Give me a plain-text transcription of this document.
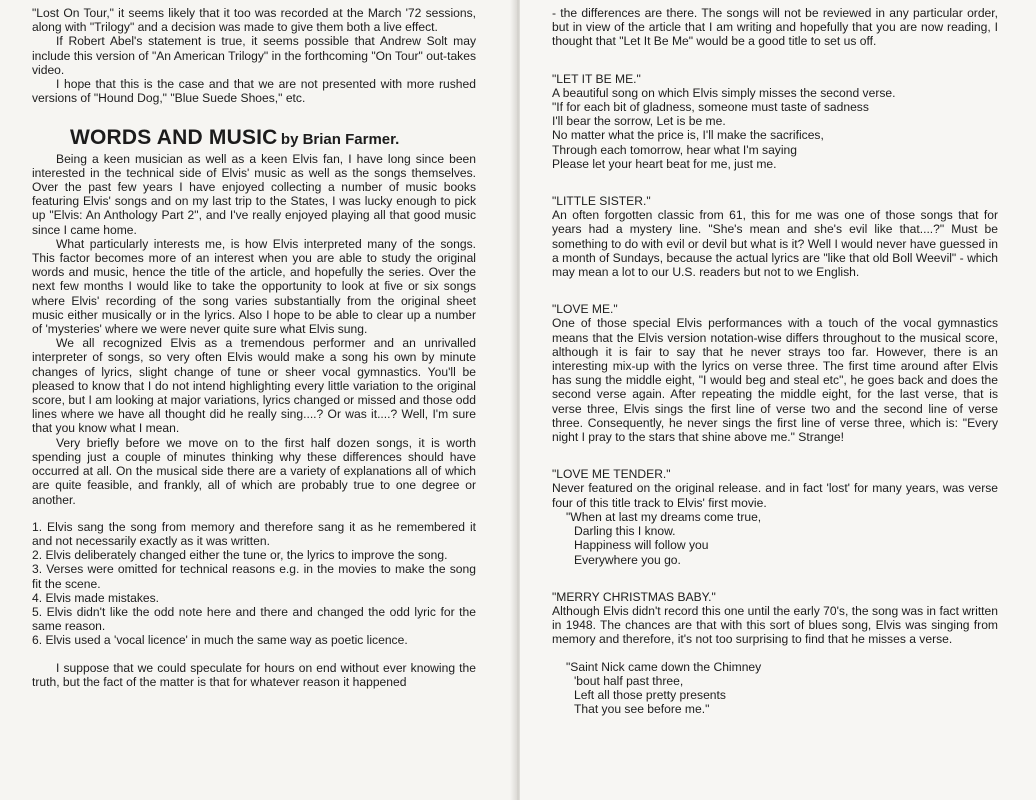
"Lost On Tour," it seems likely that it too was recorded at the March '72 sessions, along with "Trilogy" and a decision was made to give them both a live effect.

If Robert Abel's statement is true, it seems possible that Andrew Solt may include this version of "An American Trilogy" in the forthcoming "On Tour" out-takes video.

I hope that this is the case and that we are not presented with more rushed versions of "Hound Dog," "Blue Suede Shoes," etc.

WORDS AND MUSIC by Brian Farmer.

Being a keen musician as well as a keen Elvis fan, I have long since been interested in the technical side of Elvis' music as well as the songs themselves. Over the past few years I have enjoyed collecting a number of music books featuring Elvis' songs and on my last trip to the States, I was lucky enough to pick up "Elvis: An Anthology Part 2", and I've really enjoyed playing all that good music since I came home.

What particularly interests me, is how Elvis interpreted many of the songs. This factor becomes more of an interest when you are able to study the original words and music, hence the title of the article, and hopefully the series. Over the next few months I would like to take the opportunity to look at five or six songs where Elvis' recording of the song varies substantially from the original sheet music either musically or in the lyrics. Also I hope to be able to clear up a number of 'mysteries' where we were never quite sure what Elvis sung.

We all recognized Elvis as a tremendous performer and an unrivalled interpreter of songs, so very often Elvis would make a song his own by minute changes of lyrics, slight change of tune or sheer vocal gymnastics. You'll be pleased to know that I do not intend highlighting every little variation to the original score, but I am looking at major variations, lyrics changed or missed and those odd lines where we have all thought did he really sing....? Or was it....? Well, I'm sure that you know what I mean.

Very briefly before we move on to the first half dozen songs, it is worth spending just a couple of minutes thinking why these differences should have occurred at all. On the musical side there are a variety of explanations all of which are quite feasible, and frankly, all of which are probably true to one degree or another.

1. Elvis sang the song from memory and therefore sang it as he remembered it and not necessarily exactly as it was written.

2. Elvis deliberately changed either the tune or, the lyrics to improve the song.

3. Verses were omitted for technical reasons e.g. in the movies to make the song fit the scene.

4. Elvis made mistakes.

5. Elvis didn't like the odd note here and there and changed the odd lyric for the same reason.

6. Elvis used a 'vocal licence' in much the same way as poetic licence.

I suppose that we could speculate for hours on end without ever knowing the truth, but the fact of the matter is that for whatever reason it happened

- the differences are there. The songs will not be reviewed in any particular order, but in view of the article that I am writing and hopefully that you are now reading, I thought that "Let It Be Me" would be a good title to set us off.

"LET IT BE ME."

A beautiful song on which Elvis simply misses the second verse.

"If for each bit of gladness, someone must taste of sadness

I'll bear the sorrow, Let is be me.

No matter what the price is, I'll make the sacrifices,

Through each tomorrow, hear what I'm saying

Please let your heart beat for me, just me.

"LITTLE SISTER."

An often forgotten classic from 61, this for me was one of those songs that for years had a mystery line. "She's mean and she's evil like that....?" Must be something to do with evil or devil but what is it? Well I would never have guessed in a month of Sundays, because the actual lyrics are "like that old Boll Weevil" - which may mean a lot to our U.S. readers but not to we English.

"LOVE ME."

One of those special Elvis performances with a touch of the vocal gymnastics means that the Elvis version notation-wise differs throughout to the musical score, although it is fair to say that he never strays too far. However, there is an interesting mix-up with the lyrics on verse three. The first time around after Elvis has sung the middle eight, "I would beg and steal etc", he goes back and does the second verse again. After repeating the middle eight, for the last verse, that is verse three, Elvis sings the first line of verse two and the second line of verse three. Consequently, he never sings the first line of verse three, which is: "Every night I pray to the stars that shine above me." Strange!

"LOVE ME TENDER."

Never featured on the original release. and in fact 'lost' for many years, was verse four of this title track to Elvis' first movie.

"When at last my dreams come true,

Darling this I know.

Happiness will follow you

Everywhere you go.

"MERRY CHRISTMAS BABY."

Although Elvis didn't record this one until the early 70's, the song was in fact written in 1948. The chances are that with this sort of blues song, Elvis was singing from memory and therefore, it's not too surprising to find that he misses a verse.

"Saint Nick came down the Chimney

'bout half past three,

Left all those pretty presents

That you see before me."
